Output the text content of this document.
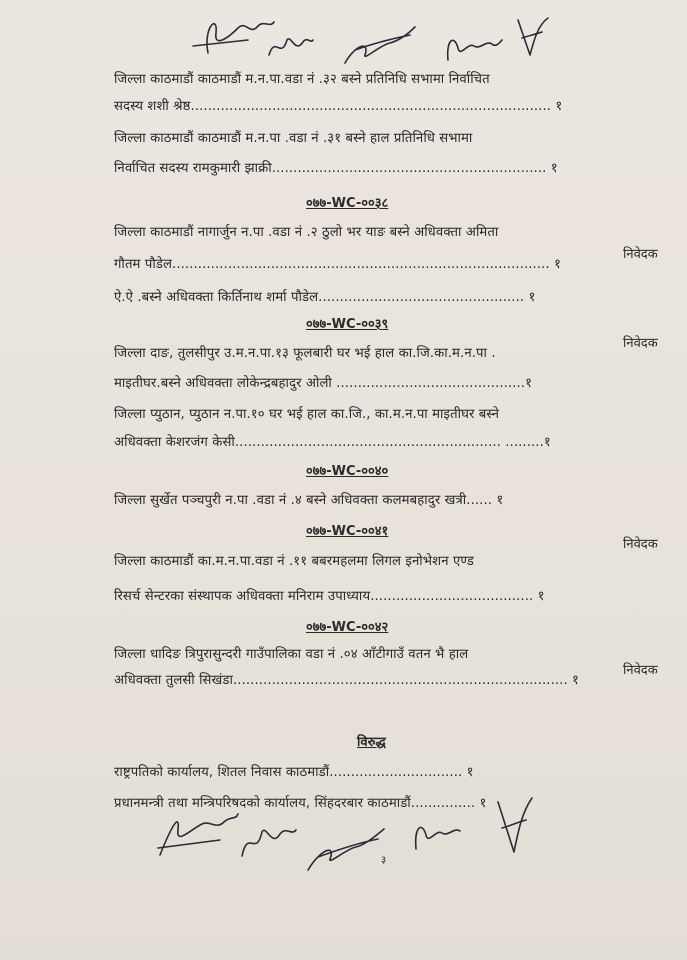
जिल्ला काठमाडौं काठमाडौं म.न.पा.वडा नं .३२ बस्ने प्रतिनिधि सभामा निर्वाचित
सदस्य शशी श्रेष्ठ.................................................................................... १
जिल्ला काठमाडौं काठमाडौं म.न.पा .वडा नं .३१ बस्ने हाल प्रतिनिधि सभामा
निर्वाचित सदस्य रामकुमारी झाक्री................................................................ १
०७७-WC-००३८
जिल्ला काठमाडौं नागार्जुन न.पा .वडा नं .२ ठुलो भर याङ बस्ने अधिवक्ता अमिता
निवेदक
गौतम पौडेल........................................................................................ १
ऐ.ऐ .बस्ने अधिवक्ता किर्तिनाथ शर्मा पौडेल................................................ १
०७७-WC-००३९
निवेदक
जिल्ला दाङ, तुलसीपुर उ.म.न.पा.१३ फूलबारी घर भई हाल का.जि.का.म.न.पा .
माइतीघर.बस्ने अधिवक्ता लोकेन्द्रबहादुर ओली ............................................१
जिल्ला प्युठान, प्युठान न.पा.१० घर भई हाल का.जि., का.म.न.पा माइतीघर बस्ने
अधिवक्ता केशरजंग केसी.............................................................. .........१
०७७-WC-००४०
जिल्ला सुर्खेत पञ्चपुरी न.पा .वडा नं .४ बस्ने अधिवक्ता कलमबहादुर खत्री...... १
०७७-WC-००४१
निवेदक
जिल्ला काठमाडौं का.म.न.पा.वडा नं .११ बबरमहलमा लिगल इनोभेशन एण्ड
रिसर्च सेन्टरका संस्थापक अधिवक्ता मनिराम उपाध्याय...................................... १
०७७-WC-००४२
जिल्ला धादिङ त्रिपुरासुन्दरी गाउँपालिका वडा नं .०४ आँटीगाउँ वतन भै हाल
निवेदक
अधिवक्ता तुलसी सिखंडा.............................................................................. १
विरुद्ध
राष्ट्रपतिको कार्यालय, शितल निवास काठमाडौं............................... १
प्रधानमन्त्री तथा मन्त्रिपरिषदको कार्यालय, सिंहदरबार काठमाडौं............... १
३
